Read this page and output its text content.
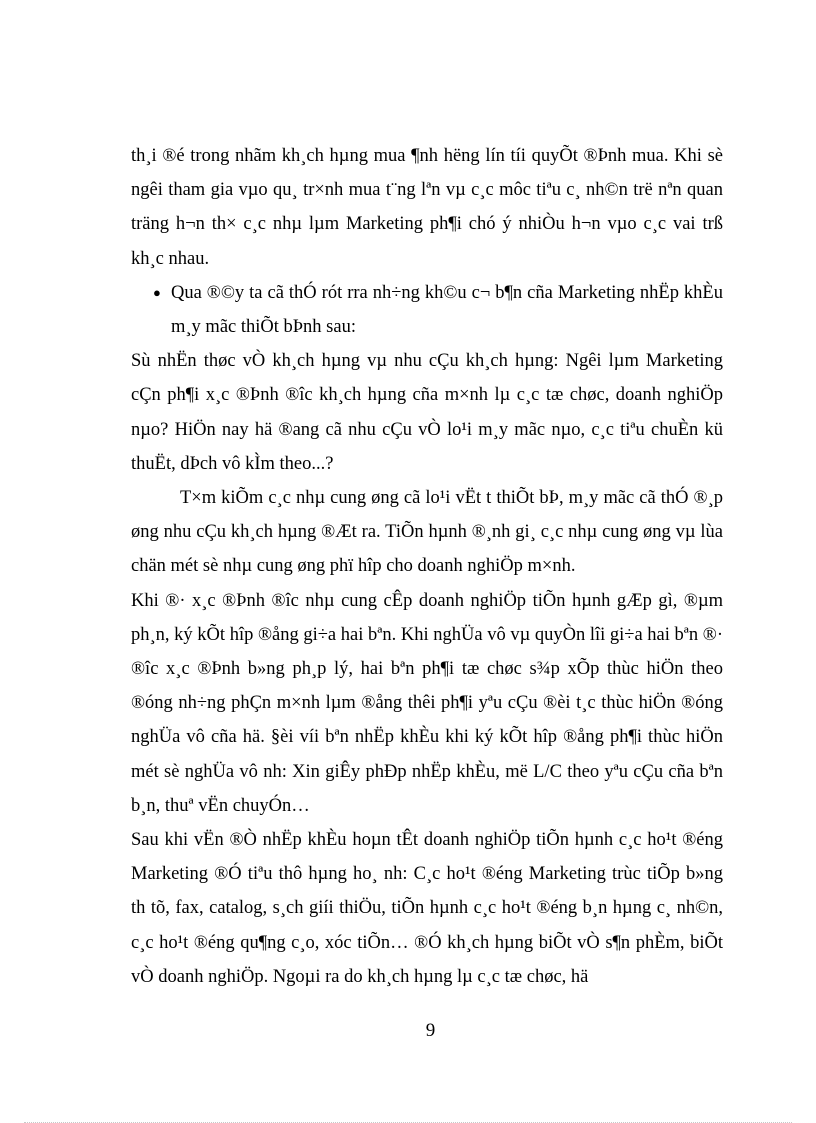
th¸i ®é trong nhãm kh¸ch hµng mua ¶nh hëng lín tíi quyÕt ®Þnh mua. Khi sè ngêi tham gia vµo qu¸ tr×nh mua t¨ng lªn vµ c¸c môc tiªu c¸ nh©n trë nªn quan träng h¬n th× c¸c nhµ lµm Marketing ph¶i chó ý nhiÒu h¬n vµo c¸c vai trß kh¸c nhau.

● Qua ®©y ta cã thÓ rót rra nh÷ng kh©u c¬ b¶n cña Marketing nhËp khÈu m¸y mãc thiÕt bÞnh sau:

Sù nhËn thøc vÒ kh¸ch hµng vµ nhu cÇu kh¸ch hµng: Ngêi lµm Marketing cÇn ph¶i x¸c ®Þnh ®îc kh¸ch hµng cña m×nh lµ c¸c tæ chøc, doanh nghiÖp nµo? HiÖn nay hä ®ang cã nhu cÇu vÒ lo¹i m¸y mãc nµo, c¸c tiªu chuÈn kü thuËt, dÞch vô kÌm theo...?

T×m kiÕm c¸c nhµ cung øng cã lo¹i vËt t thiÕt bÞ, m¸y mãc cã thÓ ®¸p øng nhu cÇu kh¸ch hµng ®Æt ra. TiÕn hµnh ®¸nh gi¸ c¸c nhµ cung øng vµ lùa chän mét sè nhµ cung øng phï hîp cho doanh nghiÖp m×nh.

Khi ®· x¸c ®Þnh ®îc nhµ cung cÊp doanh nghiÖp tiÕn hµnh gÆp gì, ®µm ph¸n, ký kÕt hîp ®ång gi÷a hai bªn. Khi nghÜa vô vµ quyÒn lîi gi÷a hai bªn ®· ®îc x¸c ®Þnh b»ng ph¸p lý, hai bªn ph¶i tæ chøc s¾p xÕp thùc hiÖn theo ®óng nh÷ng phÇn m×nh lµm ®ång thêi ph¶i yªu cÇu ®èi t¸c thùc hiÖn ®óng nghÜa vô cña hä. §èi víi bªn nhËp khÈu khi ký kÕt hîp ®ång ph¶i thùc hiÖn mét sè nghÜa vô nh: Xin giÊy phÐp nhËp khÈu, më L/C theo yªu cÇu cña bªn b¸n, thuª vËn chuyÓn…

Sau khi vËn ®Ò nhËp khÈu hoµn tÊt doanh nghiÖp tiÕn hµnh c¸c ho¹t ®éng Marketing ®Ó tiªu thô hµng ho¸ nh: C¸c ho¹t ®éng Marketing trùc tiÕp b»ng th tõ, fax, catalog, s¸ch giíi thiÖu, tiÕn hµnh c¸c ho¹t ®éng b¸n hµng c¸ nh©n, c¸c ho¹t ®éng qu¶ng c¸o, xóc tiÕn… ®Ó kh¸ch hµng biÕt vÒ s¶n phÈm, biÕt vÒ doanh nghiÖp. Ngoµi ra do kh¸ch hµng lµ c¸c tæ chøc, hä

9
